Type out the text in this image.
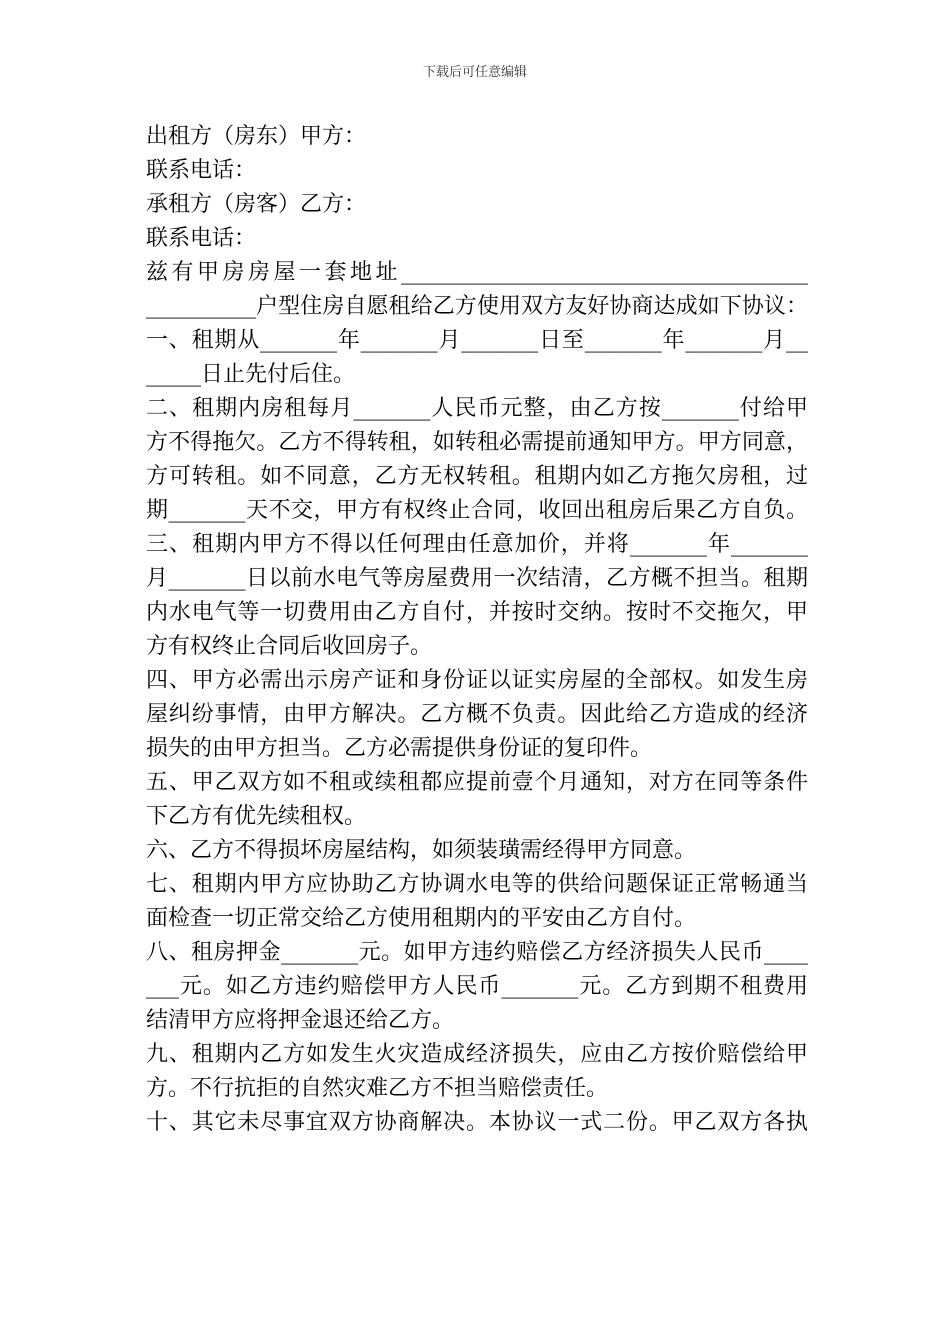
下载后可任意编辑
出租方（房东）甲方：
联系电话：
承租方（房客）乙方：
联系电话：
兹有甲房房屋一套地址_____________________________________
__________户型住房自愿租给乙方使用双方友好协商达成如下协议：
一、租期从_______年_______月_______日至_______年_______月__
_____日止先付后住。
二、租期内房租每月_______人民币元整，由乙方按_______付给甲
方不得拖欠。乙方不得转租，如转租必需提前通知甲方。甲方同意，
方可转租。如不同意，乙方无权转租。租期内如乙方拖欠房租，过
期_______天不交，甲方有权终止合同，收回出租房后果乙方自负。
三、租期内甲方不得以任何理由任意加价，并将_______年_______
月_______日以前水电气等房屋费用一次结清，乙方概不担当。租期
内水电气等一切费用由乙方自付，并按时交纳。按时不交拖欠，甲
方有权终止合同后收回房子。
四、甲方必需出示房产证和身份证以证实房屋的全部权。如发生房
屋纠纷事情，由甲方解决。乙方概不负责。因此给乙方造成的经济
损失的由甲方担当。乙方必需提供身份证的复印件。
五、甲乙双方如不租或续租都应提前壹个月通知，对方在同等条件
下乙方有优先续租权。
六、乙方不得损坏房屋结构，如须装璜需经得甲方同意。
七、租期内甲方应协助乙方协调水电等的供给问题保证正常畅通当
面检查一切正常交给乙方使用租期内的平安由乙方自付。
八、租房押金_______元。如甲方违约赔偿乙方经济损失人民币____
___元。如乙方违约赔偿甲方人民币_______元。乙方到期不租费用
结清甲方应将押金退还给乙方。
九、租期内乙方如发生火灾造成经济损失，应由乙方按价赔偿给甲
方。不行抗拒的自然灾难乙方不担当赔偿责任。
十、其它未尽事宜双方协商解决。本协议一式二份。甲乙双方各执
